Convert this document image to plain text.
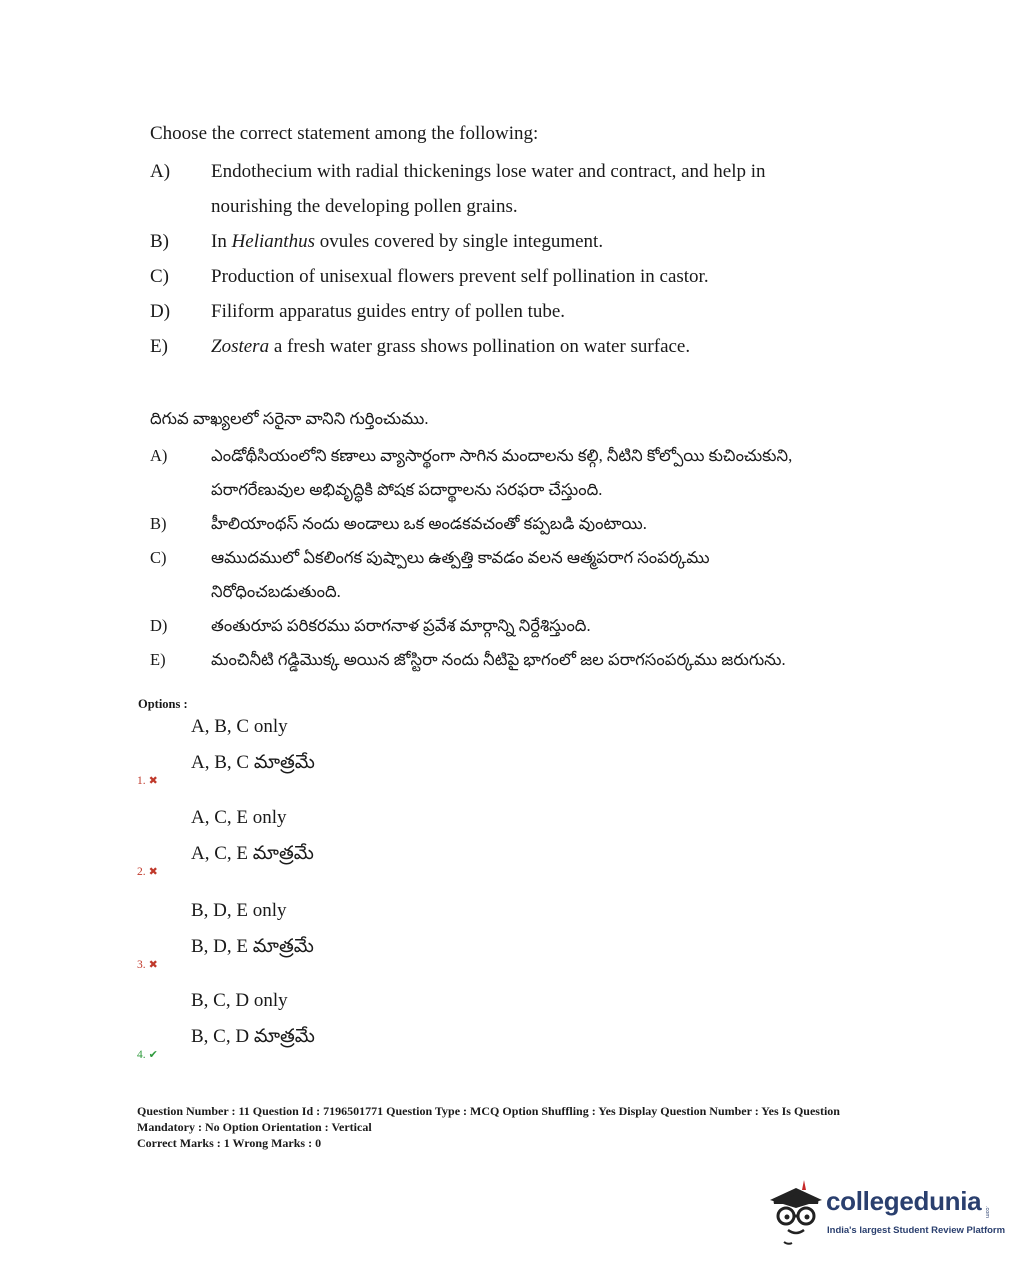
Choose the correct statement among the following:
A)	Endothecium with radial thickenings lose water and contract, and help in
nourishing the developing pollen grains.
B)	In Helianthus ovules covered by single integument.
C)	Production of unisexual flowers prevent self pollination in castor.
D)	Filiform apparatus guides entry of pollen tube.
E)	Zostera a fresh water grass shows pollination on water surface.
దిగువ వాఖ్యలలో సరైనా వానిని గుర్తించుము.
A)	ఎండోథీసియంలోని కణాలు వ్యాసార్థంగా సాగిన మందాలను కల్గి, నీటిని కోల్పోయి కుచించుకుని,
పరాగరేణువుల అభివృద్ధికి పోషక పదార్థాలను సరఫరా చేస్తుంది.
B)	హీలియాంథస్ నందు అండాలు ఒక అండకవచంతో కప్పబడి వుంటాయి.
C)	ఆముదములో ఏకలింగక పుష్పాలు ఉత్పత్తి కావడం వలన ఆత్మపరాగ సంపర్కము
నిరోధించబడుతుంది.
D)	తంతురూప పరికరము పరాగనాళ ప్రవేశ మార్గాన్ని నిర్దేశిస్తుంది.
E)	మంచినీటి గడ్డిమొక్క అయిన జోస్టిరా నందు నీటిపై భాగంలో జల పరాగసంపర్కము జరుగును.
Options :
A, B, C only
A, B, C మాత్రమే
1. ✖
A, C, E only
A, C, E మాత్రమే
2. ✖
B, D, E only
B, D, E మాత్రమే
3. ✖
B, C, D only
B, C, D మాత్రమే
4. ✔
Question Number : 11 Question Id : 7196501771 Question Type : MCQ Option Shuffling : Yes Display Question Number : Yes Is Question
Mandatory : No Option Orientation : Vertical
Correct Marks : 1 Wrong Marks : 0
collegedunia .com
India's largest Student Review Platform
